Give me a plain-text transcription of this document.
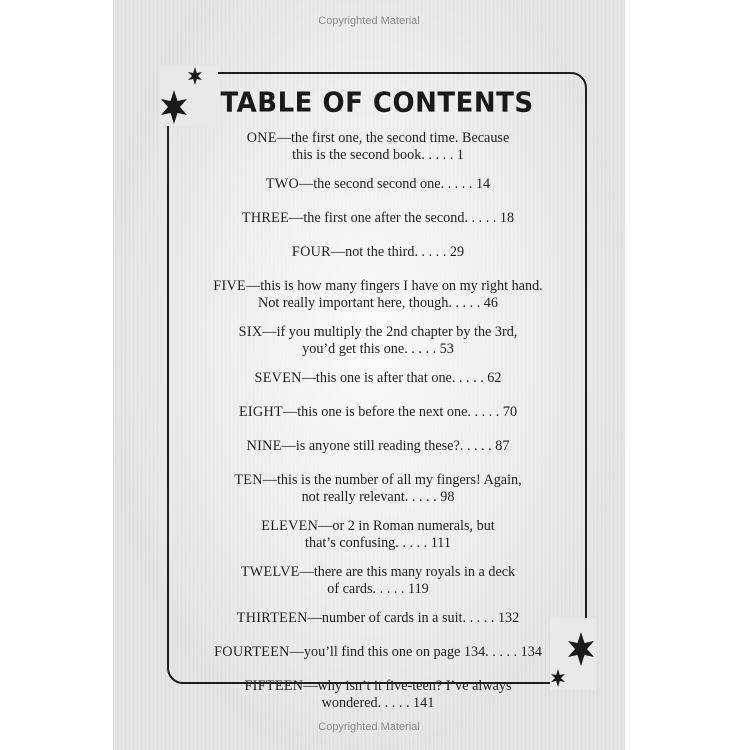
Copyrighted Material
Copyrighted Material
TABLE OF CONTENTS
ONE—the first one, the second time. Because
this is the second book. . . . . 1
TWO—the second second one. . . . . 14
THREE—the first one after the second. . . . . 18
FOUR—not the third. . . . . 29
FIVE—this is how many fingers I have on my right hand.
Not really important here, though. . . . . 46
SIX—if you multiply the 2nd chapter by the 3rd,
you’d get this one. . . . . 53
SEVEN—this one is after that one. . . . . 62
EIGHT—this one is before the next one. . . . . 70
NINE—is anyone still reading these?. . . . . 87
TEN—this is the number of all my fingers! Again,
not really relevant. . . . . 98
ELEVEN—or 2 in Roman numerals, but
that’s confusing. . . . . 111
TWELVE—there are this many royals in a deck
of cards. . . . . 119
THIRTEEN—number of cards in a suit. . . . . 132
FOURTEEN—you’ll find this one on page 134. . . . . 134
FIFTEEN—why isn’t it five-teen? I’ve always
wondered. . . . . 141
